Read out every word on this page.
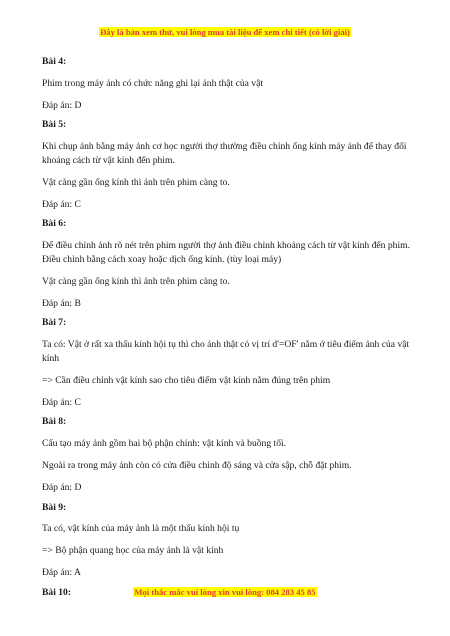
Đây là bản xem thử, vui lòng mua tài liệu để xem chi tiết (có lời giải)

Bài 4:

Phim trong máy ảnh có chức năng ghi lại ảnh thật của vật

Đáp án: D

Bài 5:

Khi chụp ảnh bằng máy ảnh cơ học người thợ thường điều chỉnh ống kính máy ảnh để thay đổi khoảng cách từ vật kính đến phim.

Vật càng gần ống kính thì ảnh trên phim càng to.

Đáp án: C

Bài 6:

Để điều chỉnh ảnh rõ nét trên phim người thợ ảnh điều chỉnh khoảng cách từ vật kính đến phim. Điều chỉnh bằng cách xoay hoặc dịch ống kính. (tùy loại máy)

Vật càng gần ống kính thì ảnh trên phim càng to.

Đáp án: B

Bài 7:

Ta có: Vật ở rất xa thấu kính hội tụ thì cho ảnh thật có vị trí d'=OF' nằm ở tiêu điểm ảnh của vật kính

=> Cần điều chỉnh vật kính sao cho tiêu điểm vật kính nằm đúng trên phim

Đáp án: C

Bài 8:

Cấu tạo máy ảnh gồm hai bộ phận chính: vật kính và buồng tối.

Ngoài ra trong máy ảnh còn có cửa điều chỉnh độ sáng và cửa sập, chỗ đặt phim.

Đáp án: D

Bài 9:

Ta có, vật kính của máy ảnh là một thấu kính hội tụ

=> Bộ phận quang học của máy ảnh là vật kính

Đáp án: A

Bài 10:	Mọi thắc mắc vui lòng xin vui lòng: 084 283 45 85
